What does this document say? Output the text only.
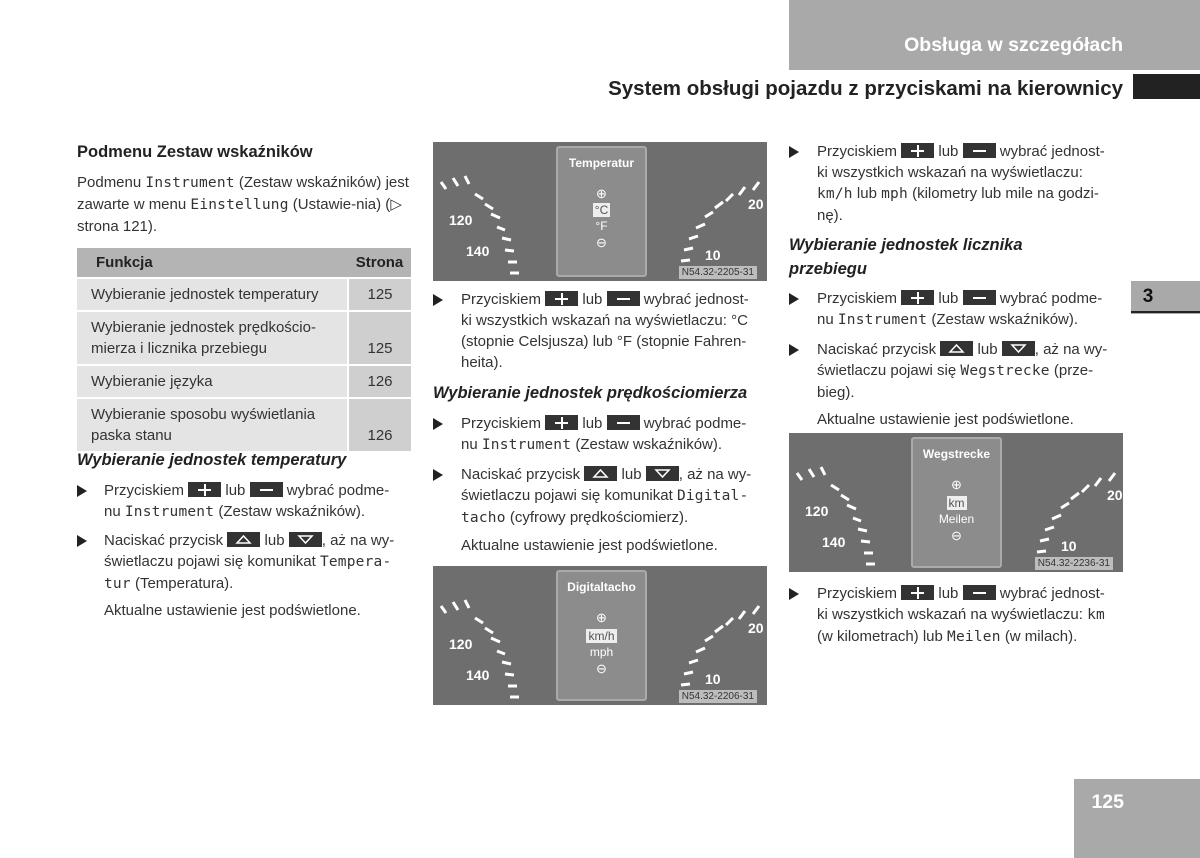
Obsługa w szczegółach
System obsługi pojazdu z przyciskami na kierownicy
3
125
Podmenu Zestaw wskaźników
Podmenu Instrument (Zestaw wskaźników) jest zawarte w menu Einstellung (Ustawie-nia) (▷ strona 121).
Funkcja	Strona
Wybieranie jednostek temperatury	125
Wybieranie jednostek prędkościo-mierza i licznika przebiegu	125
Wybieranie języka	126
Wybieranie sposobu wyświetlania paska stanu	126
Wybieranie jednostek temperatury
Przyciskiem	lub	wybrać podme-
nu Instrument (Zestaw wskaźników).
Naciskać przycisk	lub , aż na wy-
świetlaczu pojawi się komunikat Tempera-
tur (Temperatura).
Aktualne ustawienie jest podświetlone.
120
140
20
10
Temperatur
⊕
°C
°F
⊖
N54.32-2205-31
Przyciskiem	lub	wybrać jednost-
ki wszystkich wskazań na wyświetlaczu: °C
(stopnie Celsjusza) lub °F (stopnie Fahren-
heita).
Wybieranie jednostek prędkościomierza
Przyciskiem	lub	wybrać podme-
nu Instrument (Zestaw wskaźników).
Naciskać przycisk	lub , aż na wy-
świetlaczu pojawi się komunikat Digital-
tacho (cyfrowy prędkościomierz).
Aktualne ustawienie jest podświetlone.
120
140
20
10
Digitaltacho
⊕
km/h
mph
⊖
N54.32-2206-31
Przyciskiem	lub	wybrać jednost-
ki wszystkich wskazań na wyświetlaczu:
km/h lub mph (kilometry lub mile na godzi-
nę).
Wybieranie jednostek licznika
przebiegu
Przyciskiem	lub	wybrać podme-
nu Instrument (Zestaw wskaźników).
Naciskać przycisk	lub , aż na wy-
świetlaczu pojawi się Wegstrecke (prze-
bieg).
Aktualne ustawienie jest podświetlone.
120
140
20
10
Wegstrecke
⊕
km
Meilen
⊖
N54.32-2236-31
Przyciskiem	lub	wybrać jednost-
ki wszystkich wskazań na wyświetlaczu: km
(w kilometrach) lub Meilen (w milach).
